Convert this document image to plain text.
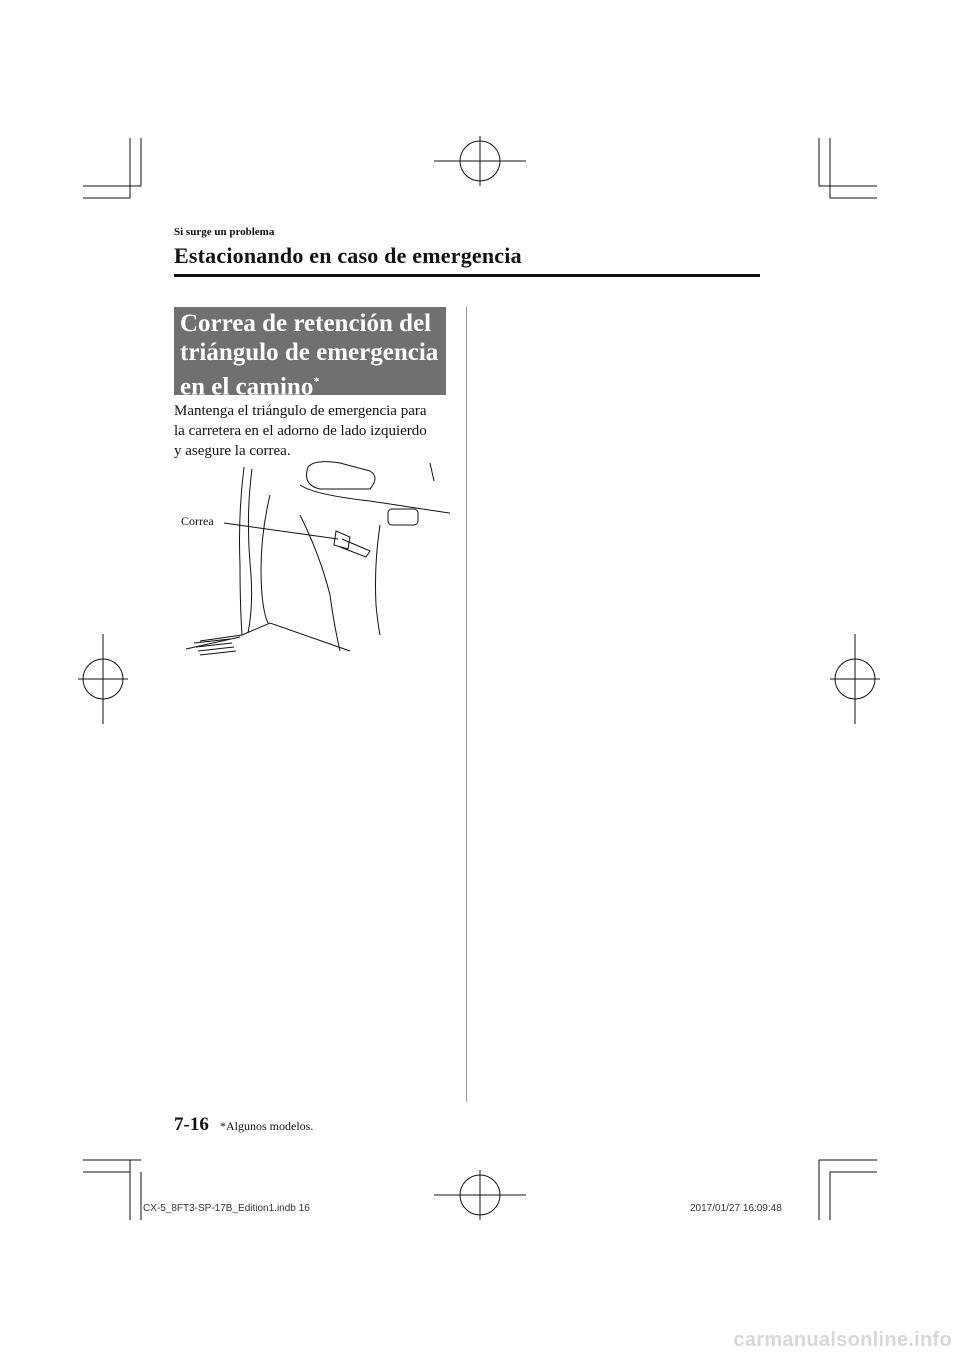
Si surge un problema
Estacionando en caso de emergencia
Correa de retención del
triángulo de emergencia
en el camino*
Mantenga el triángulo de emergencia para
la carretera en el adorno de lado izquierdo
y asegure la correa.
Correa
7-16 *Algunos modelos.
CX-5_8FT3-SP-17B_Edition1.indb 16	2017/01/27 16:09:48
carmanualsonline.info
